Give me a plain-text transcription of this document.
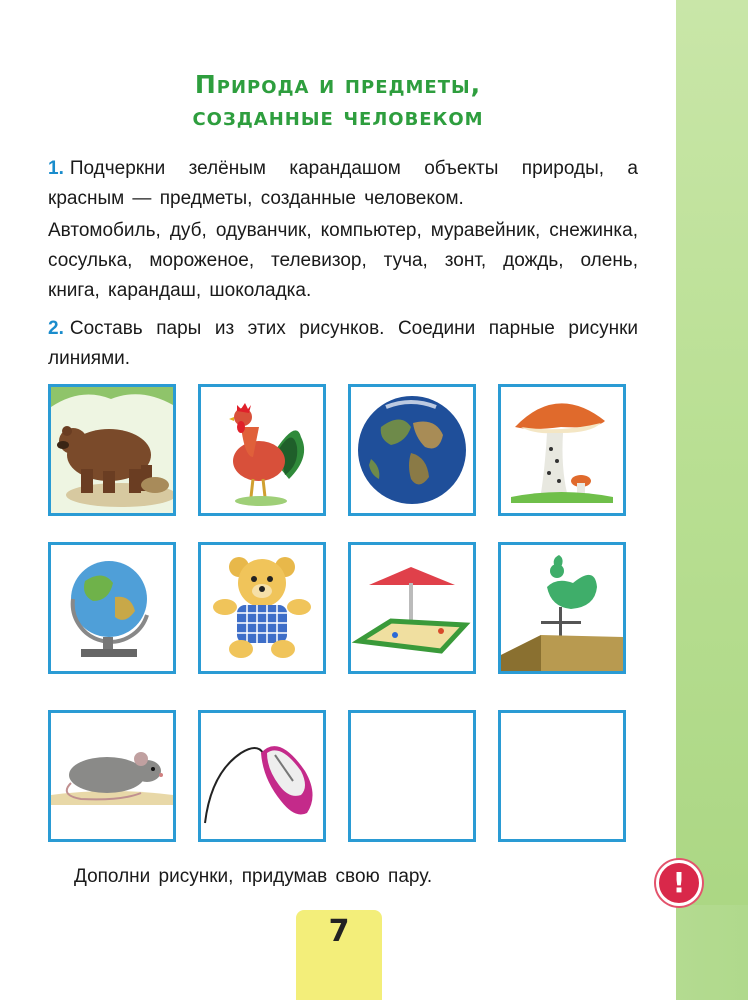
Природа и предметы,
созданные человеком
1. Подчеркни зелёным карандашом объекты природы, а красным — предметы, созданные человеком.
Автомобиль, дуб, одуванчик, компьютер, муравейник, снежинка, сосулька, мороженое, телевизор, туча, зонт, дождь, олень, книга, карандаш, шоколадка.
2. Составь пары из этих рисунков. Соедини парные рисунки линиями.
Дополни рисунки, придумав свою пару.	!
7
